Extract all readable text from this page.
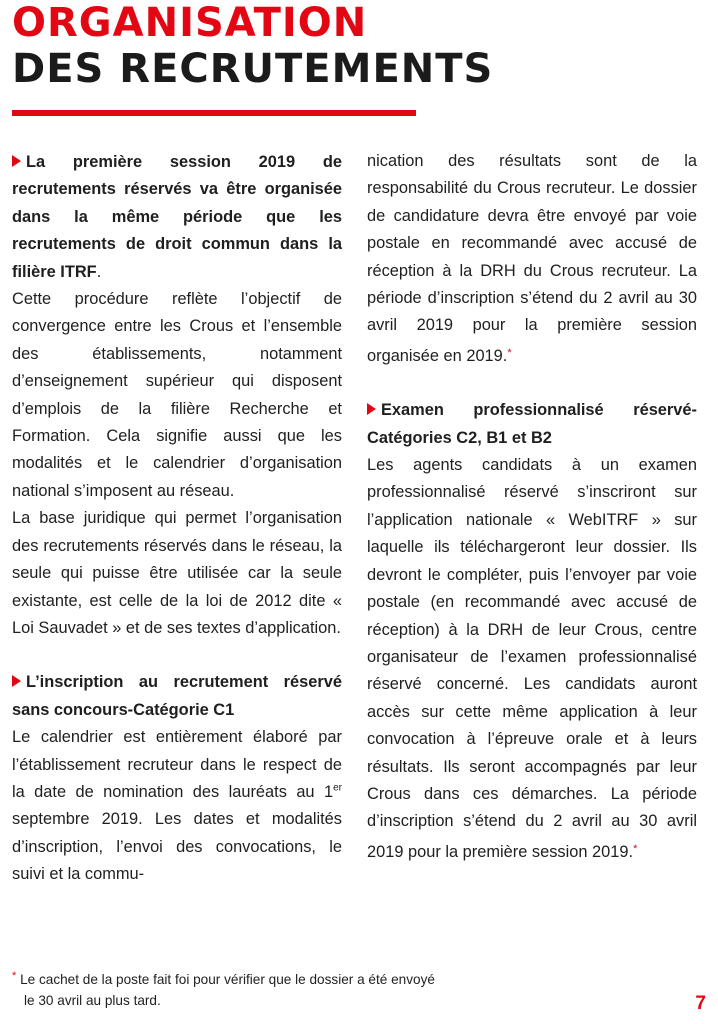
ORGANISATION
DES RECRUTEMENTS

La première session 2019 de recrutements réservés va être organisée dans la même période que les recrutements de droit commun dans la filière ITRF.

Cette procédure reflète l’objectif de convergence entre les Crous et l’ensemble des établissements, notamment d’enseignement supérieur qui disposent d’emplois de la filière Recherche et Formation. Cela signifie aussi que les modalités et le calendrier d’organisation national s’imposent au réseau.

La base juridique qui permet l’organisation des recrutements réservés dans le réseau, la seule qui puisse être utilisée car la seule existante, est celle de la loi de 2012 dite « Loi Sauvadet » et de ses textes d’application.

L’inscription au recrutement réservé sans concours-Catégorie C1

Le calendrier est entièrement élaboré par l’établissement recruteur dans le respect de la date de nomination des lauréats au 1er septembre 2019. Les dates et modalités d’inscription, l’envoi des convocations, le suivi et la commu-

nication des résultats sont de la responsabilité du Crous recruteur. Le dossier de candidature devra être envoyé par voie postale en recommandé avec accusé de réception à la DRH du Crous recruteur. La période d’inscription s’étend du 2 avril au 30 avril 2019 pour la première session organisée en 2019.*

Examen professionnalisé réservé-Catégories C2, B1 et B2

Les agents candidats à un examen professionnalisé réservé s’inscriront sur l’application nationale « WebITRF » sur laquelle ils téléchargeront leur dossier. Ils devront le compléter, puis l’envoyer par voie postale (en recommandé avec accusé de réception) à la DRH de leur Crous, centre organisateur de l’examen professionnalisé réservé concerné. Les candidats auront accès sur cette même application à leur convocation à l’épreuve orale et à leurs résultats. Ils seront accompagnés par leur Crous dans ces démarches. La période d’inscription s’étend du 2 avril au 30 avril 2019 pour la première session 2019.*

* Le cachet de la poste fait foi pour vérifier que le dossier a été envoyé
le 30 avril au plus tard.	7
